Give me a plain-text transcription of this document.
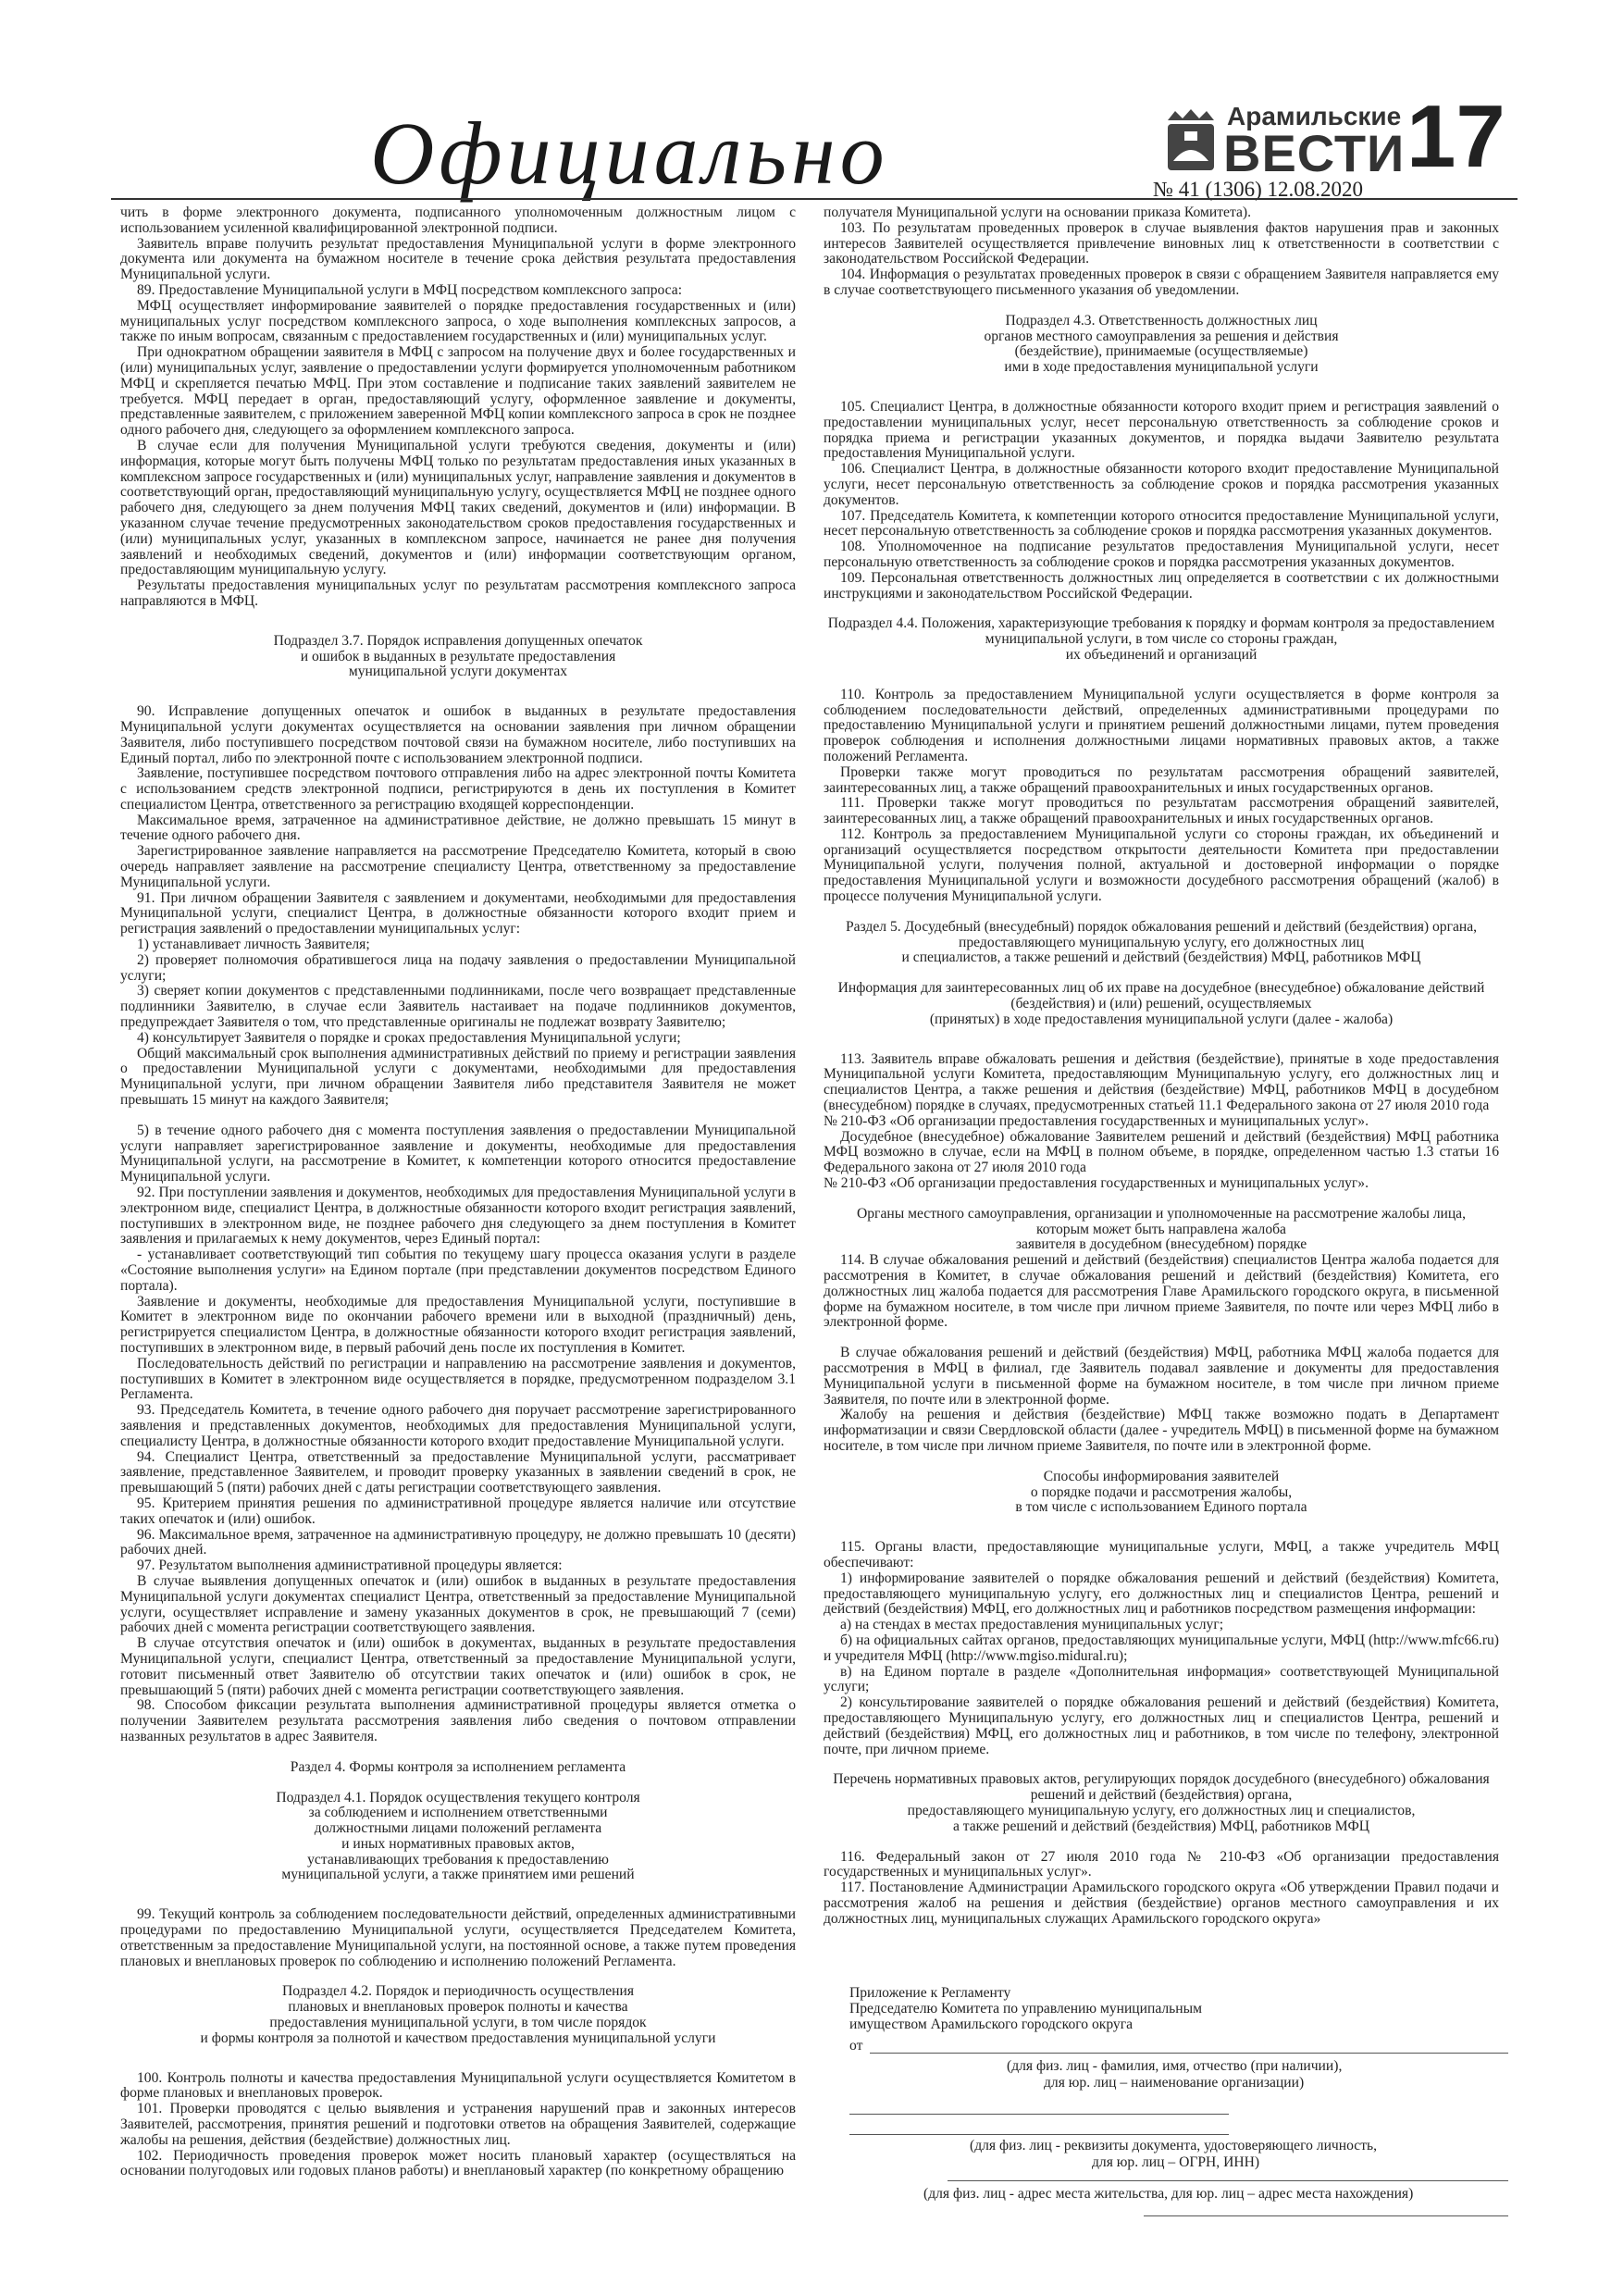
Официально	Арамильские
ВЕСТИ
№ 41 (1306) 12.08.2020
17

чить в форме электронного документа, подписанного уполномоченным должностным лицом с использованием усиленной квалифицированной электронной подписи.

Заявитель вправе получить результат предоставления Муниципальной услуги в форме электронного документа или документа на бумажном носителе в течение срока действия результата предоставления Муниципальной услуги.

89. Предоставление Муниципальной услуги в МФЦ посредством комплексного запроса:

МФЦ осуществляет информирование заявителей о порядке предоставления государственных и (или) муниципальных услуг посредством комплексного запроса, о ходе выполнения комплексных запросов, а также по иным вопросам, связанным с предоставлением государственных и (или) муниципальных услуг.

При однократном обращении заявителя в МФЦ с запросом на получение двух и более государственных и (или) муниципальных услуг, заявление о предоставлении услуги формируется уполномоченным работником МФЦ и скрепляется печатью МФЦ. При этом составление и подписание таких заявлений заявителем не требуется. МФЦ передает в орган, предоставляющий услугу, оформленное заявление и документы, представленные заявителем, с приложением заверенной МФЦ копии комплексного запроса в срок не позднее одного рабочего дня, следующего за оформлением комплексного запроса.

В случае если для получения Муниципальной услуги требуются сведения, документы и (или) информация, которые могут быть получены МФЦ только по результатам предоставления иных указанных в комплексном запросе государственных и (или) муниципальных услуг, направление заявления и документов в соответствующий орган, предоставляющий муниципальную услугу, осуществляется МФЦ не позднее одного рабочего дня, следующего за днем получения МФЦ таких сведений, документов и (или) информации. В указанном случае течение предусмотренных законодательством сроков предоставления государственных и (или) муниципальных услуг, указанных в комплексном запросе, начинается не ранее дня получения заявлений и необходимых сведений, документов и (или) информации соответствующим органом, предоставляющим муниципальную услугу.

Результаты предоставления муниципальных услуг по результатам рассмотрения комплексного запроса направляются в МФЦ.

Подраздел 3.7. Порядок исправления допущенных опечаток
и ошибок в выданных в результате предоставления
муниципальной услуги документах

90. Исправление допущенных опечаток и ошибок в выданных в результате предоставления Муниципальной услуги документах осуществляется на основании заявления при личном обращении Заявителя, либо поступившего посредством почтовой связи на бумажном носителе, либо поступивших на Единый портал, либо по электронной почте с использованием электронной подписи.

Заявление, поступившее посредством почтового отправления либо на адрес электронной почты Комитета с использованием средств электронной подписи, регистрируются в день их поступления в Комитет специалистом Центра, ответственного за регистрацию входящей корреспонденции.

Максимальное время, затраченное на административное действие, не должно превышать 15 минут в течение одного рабочего дня.

Зарегистрированное заявление направляется на рассмотрение Председателю Комитета, который в свою очередь направляет заявление на рассмотрение специалисту Центра, ответственному за предоставление Муниципальной услуги.

91. При личном обращении Заявителя с заявлением и документами, необходимыми для предоставления Муниципальной услуги, специалист Центра, в должностные обязанности которого входит прием и регистрация заявлений о предоставлении муниципальных услуг:

1) устанавливает личность Заявителя;

2) проверяет полномочия обратившегося лица на подачу заявления о предоставлении Муниципальной услуги;

3) сверяет копии документов с представленными подлинниками, после чего возвращает представленные подлинники Заявителю, в случае если Заявитель настаивает на подаче подлинников документов, предупреждает Заявителя о том, что представленные оригиналы не подлежат возврату Заявителю;

4) консультирует Заявителя о порядке и сроках предоставления Муниципальной услуги;

Общий максимальный срок выполнения административных действий по приему и регистрации заявления о предоставлении Муниципальной услуги с документами, необходимыми для предоставления Муниципальной услуги, при личном обращении Заявителя либо представителя Заявителя не может превышать 15 минут на каждого Заявителя;

5) в течение одного рабочего дня с момента поступления заявления о предоставлении Муниципальной услуги направляет зарегистрированное заявление и документы, необходимые для предоставления Муниципальной услуги, на рассмотрение в Комитет, к компетенции которого относится предоставление Муниципальной услуги.

92. При поступлении заявления и документов, необходимых для предоставления Муниципальной услуги в электронном виде, специалист Центра, в должностные обязанности которого входит регистрация заявлений, поступивших в электронном виде, не позднее рабочего дня следующего за днем поступления в Комитет заявления и прилагаемых к нему документов, через Единый портал:

- устанавливает соответствующий тип события по текущему шагу процесса оказания услуги в разделе «Состояние выполнения услуги» на Едином портале (при представлении документов посредством Единого портала).

Заявление и документы, необходимые для предоставления Муниципальной услуги, поступившие в Комитет в электронном виде по окончании рабочего времени или в выходной (праздничный) день, регистрируется специалистом Центра, в должностные обязанности которого входит регистрация заявлений, поступивших в электронном виде, в первый рабочий день после их поступления в Комитет.

Последовательность действий по регистрации и направлению на рассмотрение заявления и документов, поступивших в Комитет в электронном виде осуществляется в порядке, предусмотренном подразделом 3.1 Регламента.

93. Председатель Комитета, в течение одного рабочего дня поручает рассмотрение зарегистрированного заявления и представленных документов, необходимых для предоставления Муниципальной услуги, специалисту Центра, в должностные обязанности которого входит предоставление Муниципальной услуги.

94. Специалист Центра, ответственный за предоставление Муниципальной услуги, рассматривает заявление, представленное Заявителем, и проводит проверку указанных в заявлении сведений в срок, не превышающий 5 (пяти) рабочих дней с даты регистрации соответствующего заявления.

95. Критерием принятия решения по административной процедуре является наличие или отсутствие таких опечаток и (или) ошибок.

96. Максимальное время, затраченное на административную процедуру, не должно превышать 10 (десяти) рабочих дней.

97. Результатом выполнения административной процедуры является:

В случае выявления допущенных опечаток и (или) ошибок в выданных в результате предоставления Муниципальной услуги документах специалист Центра, ответственный за предоставление Муниципальной услуги, осуществляет исправление и замену указанных документов в срок, не превышающий 7 (семи) рабочих дней с момента регистрации соответствующего заявления.

В случае отсутствия опечаток и (или) ошибок в документах, выданных в результате предоставления Муниципальной услуги, специалист Центра, ответственный за предоставление Муниципальной услуги, готовит письменный ответ Заявителю об отсутствии таких опечаток и (или) ошибок в срок, не превышающий 5 (пяти) рабочих дней с момента регистрации соответствующего заявления.

98. Способом фиксации результата выполнения административной процедуры является отметка о получении Заявителем результата рассмотрения заявления либо сведения о почтовом отправлении названных результатов в адрес Заявителя.

Раздел 4. Формы контроля за исполнением регламента
Подраздел 4.1. Порядок осуществления текущего контроля
за соблюдением и исполнением ответственными
должностными лицами положений регламента
и иных нормативных правовых актов,
устанавливающих требования к предоставлению
муниципальной услуги, а также принятием ими решений

99. Текущий контроль за соблюдением последовательности действий, определенных административными процедурами по предоставлению Муниципальной услуги, осуществляется Председателем Комитета, ответственным за предоставление Муниципальной услуги, на постоянной основе, а также путем проведения плановых и внеплановых проверок по соблюдению и исполнению положений Регламента.

Подраздел 4.2. Порядок и периодичность осуществления
плановых и внеплановых проверок полноты и качества
предоставления муниципальной услуги, в том числе порядок
и формы контроля за полнотой и качеством предоставления муниципальной услуги

100. Контроль полноты и качества предоставления Муниципальной услуги осуществляется Комитетом в форме плановых и внеплановых проверок.

101. Проверки проводятся с целью выявления и устранения нарушений прав и законных интересов Заявителей, рассмотрения, принятия решений и подготовки ответов на обращения Заявителей, содержащие жалобы на решения, действия (бездействие) должностных лиц.

102. Периодичность проведения проверок может носить плановый характер (осуществляться на основании полугодовых или годовых планов работы) и внеплановый характер (по конкретному обращению

получателя Муниципальной услуги на основании приказа Комитета).

103. По результатам проведенных проверок в случае выявления фактов нарушения прав и законных интересов Заявителей осуществляется привлечение виновных лиц к ответственности в соответствии с законодательством Российской Федерации.

104. Информация о результатах проведенных проверок в связи с обращением Заявителя направляется ему в случае соответствующего письменного указания об уведомлении.

Подраздел 4.3. Ответственность должностных лиц
органов местного самоуправления за решения и действия
(бездействие), принимаемые (осуществляемые)
ими в ходе предоставления муниципальной услуги

105. Специалист Центра, в должностные обязанности которого входит прием и регистрация заявлений о предоставлении муниципальных услуг, несет персональную ответственность за соблюдение сроков и порядка приема и регистрации указанных документов, и порядка выдачи Заявителю результата предоставления Муниципальной услуги.

106. Специалист Центра, в должностные обязанности которого входит предоставление Муниципальной услуги, несет персональную ответственность за соблюдение сроков и порядка рассмотрения указанных документов.

107. Председатель Комитета, к компетенции которого относится предоставление Муниципальной услуги, несет персональную ответственность за соблюдение сроков и порядка рассмотрения указанных документов.

108. Уполномоченное на подписание результатов предоставления Муниципальной услуги, несет персональную ответственность за соблюдение сроков и порядка рассмотрения указанных документов.

109. Персональная ответственность должностных лиц определяется в соответствии с их должностными инструкциями и законодательством Российской Федерации.

Подраздел 4.4. Положения, характеризующие требования к порядку и формам контроля за предоставлением муниципальной услуги, в том числе со стороны граждан,
их объединений и организаций

110. Контроль за предоставлением Муниципальной услуги осуществляется в форме контроля за соблюдением последовательности действий, определенных административными процедурами по предоставлению Муниципальной услуги и принятием решений должностными лицами, путем проведения проверок соблюдения и исполнения должностными лицами нормативных правовых актов, а также положений Регламента.

Проверки также могут проводиться по результатам рассмотрения обращений заявителей, заинтересованных лиц, а также обращений правоохранительных и иных государственных органов.

111. Проверки также могут проводиться по результатам рассмотрения обращений заявителей, заинтересованных лиц, а также обращений правоохранительных и иных государственных органов.

112. Контроль за предоставлением Муниципальной услуги со стороны граждан, их объединений и организаций осуществляется посредством открытости деятельности Комитета при предоставлении Муниципальной услуги, получения полной, актуальной и достоверной информации о порядке предоставления Муниципальной услуги и возможности досудебного рассмотрения обращений (жалоб) в процессе получения Муниципальной услуги.

Раздел 5. Досудебный (внесудебный) порядок обжалования решений и действий (бездействия) органа, предоставляющего муниципальную услугу, его должностных лиц
и специалистов, а также решений и действий (бездействия) МФЦ, работников МФЦ
Информация для заинтересованных лиц об их праве на досудебное (внесудебное) обжалование действий (бездействия) и (или) решений, осуществляемых
(принятых) в ходе предоставления муниципальной услуги (далее - жалоба)

113. Заявитель вправе обжаловать решения и действия (бездействие), принятые в ходе предоставления Муниципальной услуги Комитета, предоставляющим Муниципальную услугу, его должностных лиц и специалистов Центра, а также решения и действия (бездействие) МФЦ, работников МФЦ в досудебном (внесудебном) порядке в случаях, предусмотренных статьей 11.1 Федерального закона от 27 июля 2010 года

№ 210-ФЗ «Об организации предоставления государственных и муниципальных услуг».

Досудебное (внесудебное) обжалование Заявителем решений и действий (бездействия) МФЦ работника МФЦ возможно в случае, если на МФЦ в полном объеме, в порядке, определенном частью 1.3 статьи 16 Федерального закона от 27 июля 2010 года

№ 210-ФЗ «Об организации предоставления государственных и муниципальных услуг».

Органы местного самоуправления, организации и уполномоченные на рассмотрение жалобы лица,
которым может быть направлена жалоба
заявителя в досудебном (внесудебном) порядке

114. В случае обжалования решений и действий (бездействия) специалистов Центра жалоба подается для рассмотрения в Комитет, в случае обжалования решений и действий (бездействия) Комитета, его должностных лиц жалоба подается для рассмотрения Главе Арамильского городского округа, в письменной форме на бумажном носителе, в том числе при личном приеме Заявителя, по почте или через МФЦ либо в электронной форме.

В случае обжалования решений и действий (бездействия) МФЦ, работника МФЦ жалоба подается для рассмотрения в МФЦ в филиал, где Заявитель подавал заявление и документы для предоставления Муниципальной услуги в письменной форме на бумажном носителе, в том числе при личном приеме Заявителя, по почте или в электронной форме.

Жалобу на решения и действия (бездействие) МФЦ также возможно подать в Департамент информатизации и связи Свердловской области (далее - учредитель МФЦ) в письменной форме на бумажном носителе, в том числе при личном приеме Заявителя, по почте или в электронной форме.

Способы информирования заявителей
о порядке подачи и рассмотрения жалобы,
в том числе с использованием Единого портала

115. Органы власти, предоставляющие муниципальные услуги, МФЦ, а также учредитель МФЦ обеспечивают:

1) информирование заявителей о порядке обжалования решений и действий (бездействия) Комитета, предоставляющего муниципальную услугу, его должностных лиц и специалистов Центра, решений и действий (бездействия) МФЦ, его должностных лиц и работников посредством размещения информации:

а) на стендах в местах предоставления муниципальных услуг;

б) на официальных сайтах органов, предоставляющих муниципальные услуги, МФЦ (http://www.mfc66.ru) и учредителя МФЦ (http://www.mgiso.midural.ru);

в) на Едином портале в разделе «Дополнительная информация» соответствующей Муниципальной услуги;

2) консультирование заявителей о порядке обжалования решений и действий (бездействия) Комитета, предоставляющего Муниципальную услугу, его должностных лиц и специалистов Центра, решений и действий (бездействия) МФЦ, его должностных лиц и работников, в том числе по телефону, электронной почте, при личном приеме.

Перечень нормативных правовых актов, регулирующих порядок досудебного (внесудебного) обжалования решений и действий (бездействия) органа,
предоставляющего муниципальную услугу, его должностных лиц и специалистов,
а также решений и действий (бездействия) МФЦ, работников МФЦ

116. Федеральный закон от 27 июля 2010 года № 210-ФЗ «Об организации предоставления государственных и муниципальных услуг».

117. Постановление Администрации Арамильского городского округа «Об утверждении Правил подачи и рассмотрения жалоб на решения и действия (бездействие) органов местного самоуправления и их должностных лиц, муниципальных служащих Арамильского городского округа»

Приложение к Регламенту
Председателю Комитета по управлению муниципальным
имуществом Арамильского городского округа
от
(для физ. лиц - фамилия, имя, отчество (при наличии),
для юр. лиц – наименование организации)
(для физ. лиц - реквизиты документа, удостоверяющего личность,
для юр. лиц – ОГРН, ИНН)
(для физ. лиц - адрес места жительства, для юр. лиц – адрес места нахождения)
